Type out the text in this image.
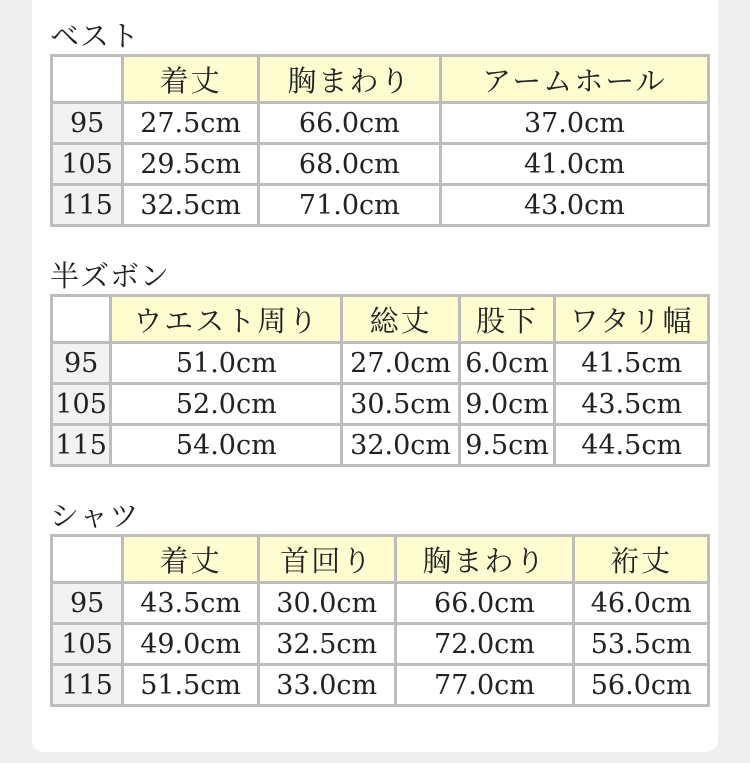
ベスト
	着丈	胸まわり	アームホール
95	27.5cm	66.0cm	37.0cm
105	29.5cm	68.0cm	41.0cm
115	32.5cm	71.0cm	43.0cm
半ズボン
	ウエスト周り	総丈	股下	ワタリ幅
95	51.0cm	27.0cm	6.0cm	41.5cm
105	52.0cm	30.5cm	9.0cm	43.5cm
115	54.0cm	32.0cm	9.5cm	44.5cm
シャツ
	着丈	首回り	胸まわり	裄丈
95	43.5cm	30.0cm	66.0cm	46.0cm
105	49.0cm	32.5cm	72.0cm	53.5cm
115	51.5cm	33.0cm	77.0cm	56.0cm
